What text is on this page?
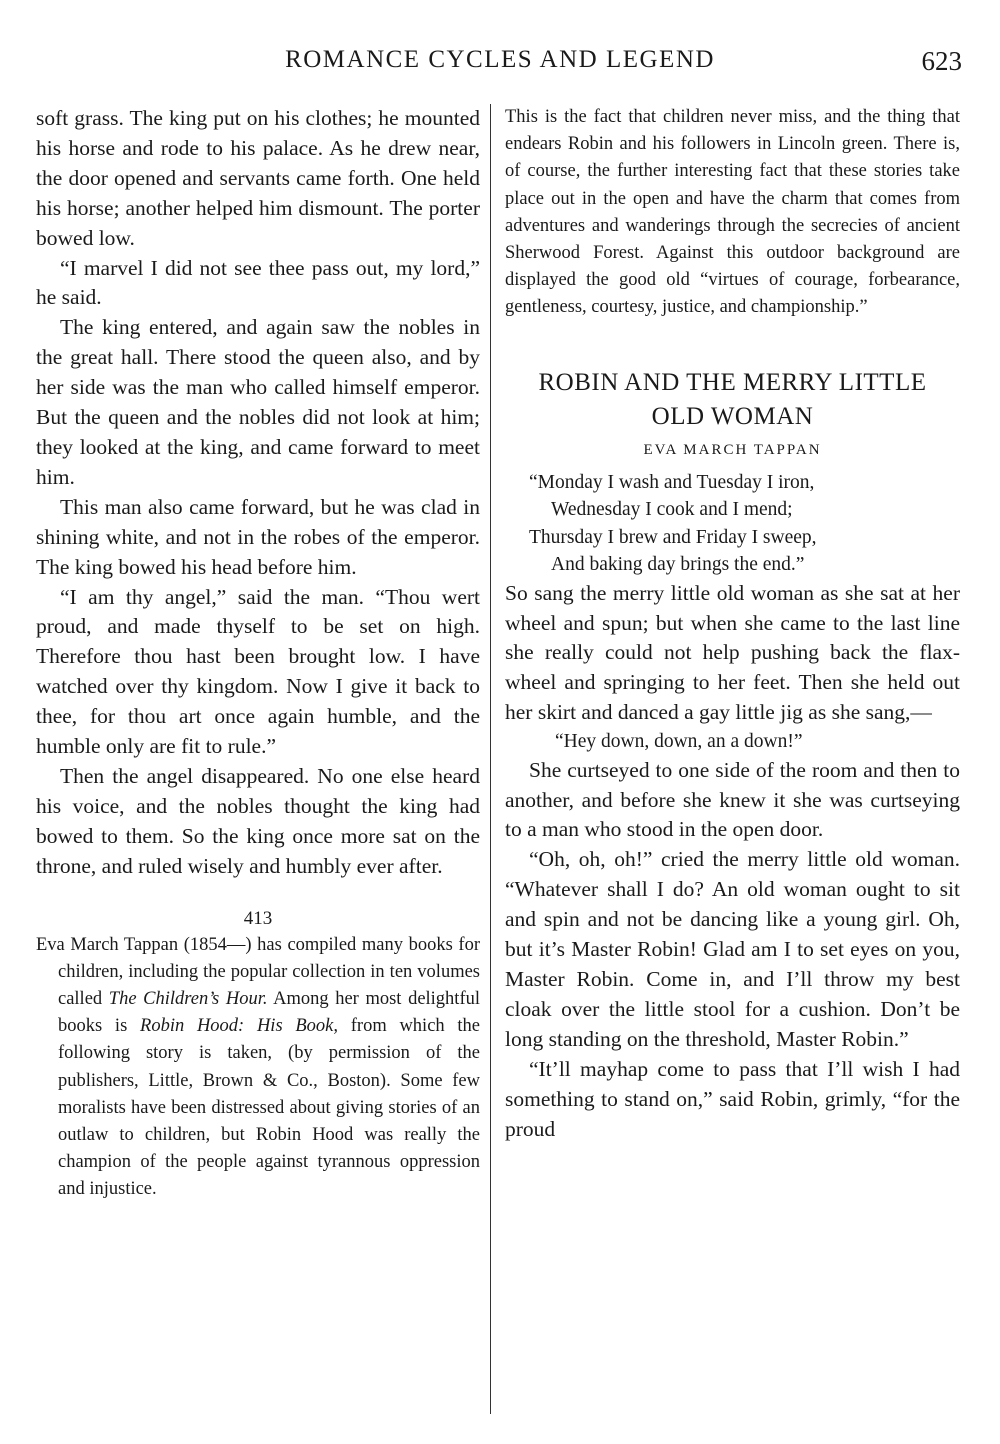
ROMANCE CYCLES AND LEGEND	623

soft grass. The king put on his clothes; he mounted his horse and rode to his palace. As he drew near, the door opened and servants came forth. One held his horse; another helped him dismount. The porter bowed low.

“I marvel I did not see thee pass out, my lord,” he said.

The king entered, and again saw the nobles in the great hall. There stood the queen also, and by her side was the man who called himself emperor. But the queen and the nobles did not look at him; they looked at the king, and came forward to meet him.

This man also came forward, but he was clad in shining white, and not in the robes of the emperor. The king bowed his head before him.

“I am thy angel,” said the man. “Thou wert proud, and made thyself to be set on high. Therefore thou hast been brought low. I have watched over thy kingdom. Now I give it back to thee, for thou art once again humble, and the humble only are fit to rule.”

Then the angel disappeared. No one else heard his voice, and the nobles thought the king had bowed to them. So the king once more sat on the throne, and ruled wisely and humbly ever after.

413

Eva March Tappan (1854—) has compiled many books for children, including the popular collection in ten volumes called The Children’s Hour. Among her most delightful books is Robin Hood: His Book, from which the following story is taken, (by permission of the publishers, Little, Brown & Co., Boston). Some few moralists have been distressed about giving stories of an outlaw to children, but Robin Hood was really the champion of the people against tyrannous oppression and injustice.

This is the fact that children never miss, and the thing that endears Robin and his followers in Lincoln green. There is, of course, the further interesting fact that these stories take place out in the open and have the charm that comes from adventures and wanderings through the secrecies of ancient Sherwood Forest. Against this outdoor background are displayed the good old “virtues of courage, forbearance, gentleness, courtesy, justice, and championship.”

ROBIN AND THE MERRY LITTLE
OLD WOMAN
EVA MARCH TAPPAN

“Monday I wash and Tuesday I iron,

Wednesday I cook and I mend;

Thursday I brew and Friday I sweep,

And baking day brings the end.”

So sang the merry little old woman as she sat at her wheel and spun; but when she came to the last line she really could not help pushing back the flax-wheel and springing to her feet. Then she held out her skirt and danced a gay little jig as she sang,—

“Hey down, down, an a down!”

She curtseyed to one side of the room and then to another, and before she knew it she was curtseying to a man who stood in the open door.

“Oh, oh, oh!” cried the merry little old woman. “Whatever shall I do? An old woman ought to sit and spin and not be dancing like a young girl. Oh, but it’s Master Robin! Glad am I to set eyes on you, Master Robin. Come in, and I’ll throw my best cloak over the little stool for a cushion. Don’t be long standing on the threshold, Master Robin.”

“It’ll mayhap come to pass that I’ll wish I had something to stand on,” said Robin, grimly, “for the proud
